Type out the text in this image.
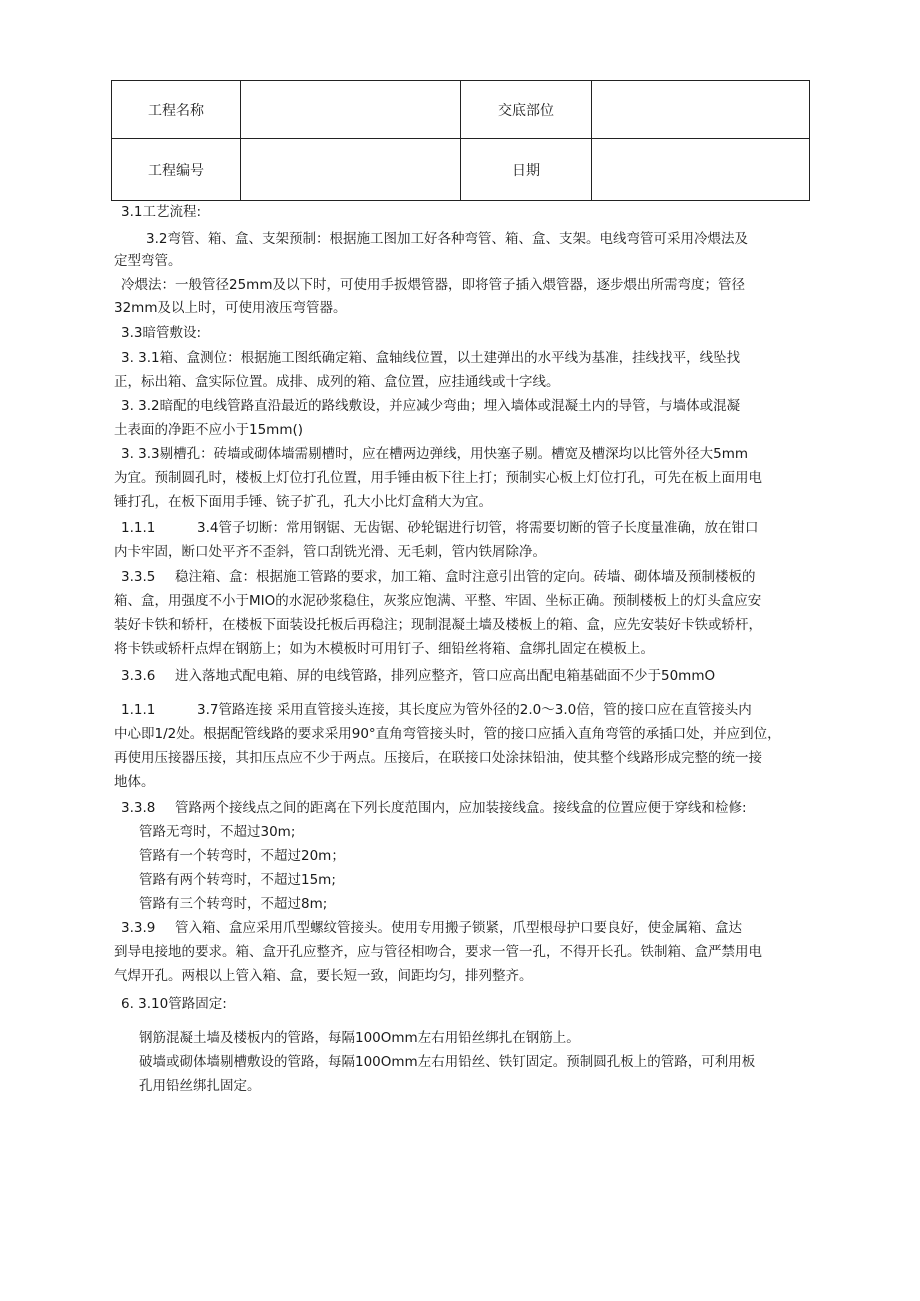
工程名称		交底部位	
工程编号		日期	
3.1工艺流程:
3.2弯管、箱、盒、支架预制：根据施工图加工好各种弯管、箱、盒、支架。电线弯管可采用冷煨法及
定型弯管。
冷煨法：一般管径25mm及以下时，可使用手扳煨管器，即将管子插入煨管器，逐步煨出所需弯度；管径
32mm及以上时，可使用液压弯管器。
3.3暗管敷设:
3. 3.1箱、盒测位：根据施工图纸确定箱、盒轴线位置，以土建弹出的水平线为基准，挂线找平，线坠找
正，标出箱、盒实际位置。成排、成列的箱、盒位置，应挂通线或十字线。
3. 3.2暗配的电线管路直沿最近的路线敷设，并应减少弯曲；埋入墙体或混凝土内的导管，与墙体或混凝
土表面的净距不应小于15mm()
3. 3.3剔槽孔：砖墙或砌体墙需剔槽时，应在槽两边弹线，用快塞子剔。槽宽及槽深均以比管外径大5mm
为宜。预制圆孔时，楼板上灯位打孔位置，用手锤由板下往上打；预制实心板上灯位打孔，可先在板上面用电
锤打孔，在板下面用手锤、铳子扩孔，孔大小比灯盒稍大为宜。
1.1.1	3.4管子切断：常用钢锯、无齿锯、砂轮锯进行切管，将需要切断的管子长度量准确，放在钳口
内卡牢固，断口处平齐不歪斜，管口刮铣光滑、无毛刺，管内铁屑除净。
3.3.5 稳注箱、盒：根据施工管路的要求，加工箱、盒时注意引出管的定向。砖墙、砌体墙及预制楼板的
箱、盒，用强度不小于MIO的水泥砂浆稳住，灰浆应饱满、平整、牢固、坐标正确。预制楼板上的灯头盒应安
装好卡铁和轿杆，在楼板下面装设托板后再稳注；现制混凝土墙及楼板上的箱、盒，应先安装好卡铁或轿杆，
将卡铁或轿杆点焊在钢筋上；如为木模板时可用钉子、细铅丝将箱、盒绑扎固定在模板上。
3.3.6 进入落地式配电箱、屏的电线管路，排列应整齐，管口应高出配电箱基础面不少于50mmO
1.1.1	3.7管路连接 采用直管接头连接，其长度应为管外径的2.0～3.0倍，管的接口应在直管接头内
中心即1/2处。根据配管线路的要求采用90°直角弯管接头时，管的接口应插入直角弯管的承插口处，并应到位，
再使用压接器压接，其扣压点应不少于两点。压接后，在联接口处涂抹铅油，使其整个线路形成完整的统一接
地体。
3.3.8 管路两个接线点之间的距离在下列长度范围内，应加装接线盒。接线盒的位置应便于穿线和检修:
管路无弯时，不超过30m;
管路有一个转弯时，不超过20m；
管路有两个转弯时，不超过15m;
管路有三个转弯时，不超过8m;
3.3.9 管入箱、盒应采用爪型螺纹管接头。使用专用搬子锁紧，爪型根母护口要良好，使金属箱、盒达
到导电接地的要求。箱、盒开孔应整齐，应与管径相吻合，要求一管一孔，不得开长孔。铁制箱、盒严禁用电
气焊开孔。两根以上管入箱、盒，要长短一致，间距均匀，排列整齐。
6. 3.10管路固定:
钢筋混凝土墙及楼板内的管路，每隔100Omm左右用铅丝绑扎在钢筋上。
破墙或砌体墙剔槽敷设的管路，每隔100Omm左右用铅丝、铁钉固定。预制圆孔板上的管路，可利用板
孔用铅丝绑扎固定。
